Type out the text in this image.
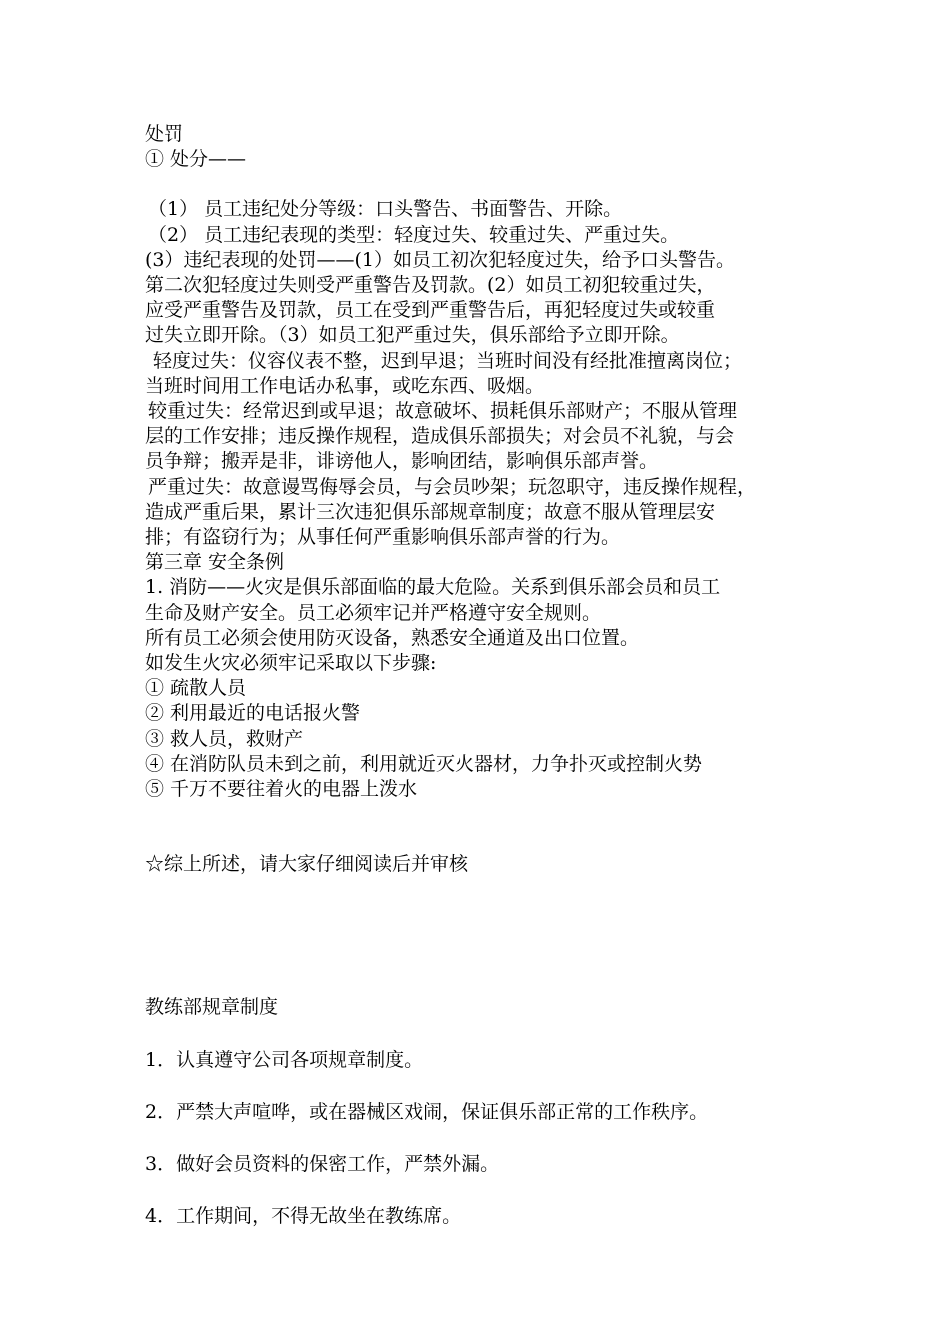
处罚

① 处分——

（1） 员工违纪处分等级：口头警告、书面警告、开除。

（2） 员工违纪表现的类型：轻度过失、较重过失、严重过失。

(3）违纪表现的处罚——(1）如员工初次犯轻度过失，给予口头警告。

第二次犯轻度过失则受严重警告及罚款。(2）如员工初犯较重过失，

应受严重警告及罚款，员工在受到严重警告后，再犯轻度过失或较重

过失立即开除。（3）如员工犯严重过失，俱乐部给予立即开除。

轻度过失：仪容仪表不整，迟到早退；当班时间没有经批准擅离岗位；

当班时间用工作电话办私事，或吃东西、吸烟。

较重过失：经常迟到或早退；故意破坏、损耗俱乐部财产；不服从管理

层的工作安排；违反操作规程，造成俱乐部损失；对会员不礼貌，与会

员争辩；搬弄是非，诽谤他人，影响团结，影响俱乐部声誉。

严重过失：故意谩骂侮辱会员，与会员吵架；玩忽职守，违反操作规程，

造成严重后果，累计三次违犯俱乐部规章制度；故意不服从管理层安

排；有盗窃行为；从事任何严重影响俱乐部声誉的行为。

第三章 安全条例

1. 消防——火灾是俱乐部面临的最大危险。关系到俱乐部会员和员工

生命及财产安全。员工必须牢记并严格遵守安全规则。

所有员工必须会使用防灭设备，熟悉安全通道及出口位置。

如发生火灾必须牢记采取以下步骤:

① 疏散人员

② 利用最近的电话报火警

③ 救人员，救财产

④ 在消防队员未到之前，利用就近灭火器材，力争扑灭或控制火势

⑤ 千万不要往着火的电器上泼水

☆综上所述，请大家仔细阅读后并审核

教练部规章制度

1．认真遵守公司各项规章制度。

2．严禁大声喧哗，或在器械区戏闹，保证俱乐部正常的工作秩序。

3．做好会员资料的保密工作，严禁外漏。

4．工作期间，不得无故坐在教练席。
